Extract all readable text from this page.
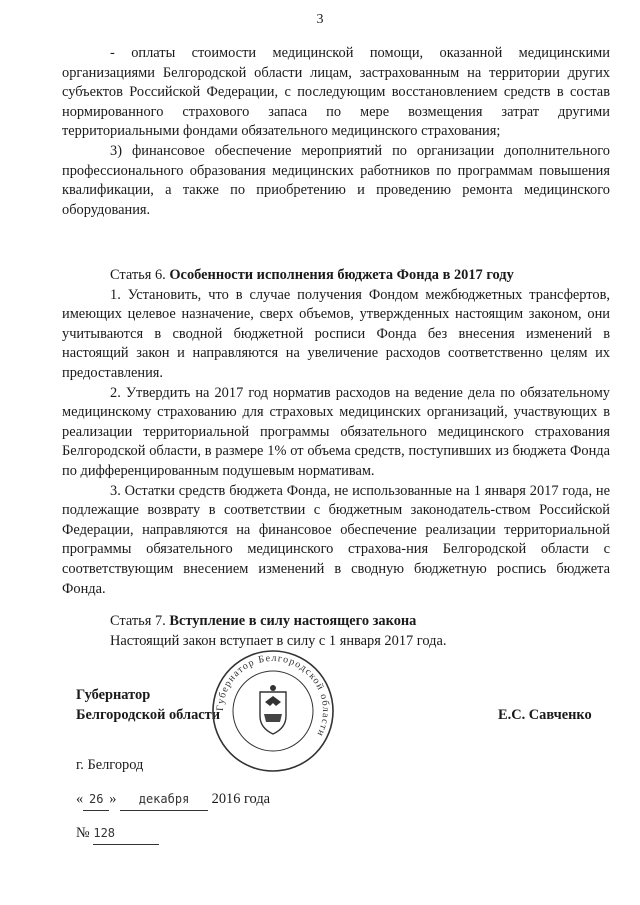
3

- оплаты стоимости медицинской помощи, оказанной медицинскими организациями Белгородской области лицам, застрахованным на территории других субъектов Российской Федерации, с последующим восстановлением средств в состав нормированного страхового запаса по мере возмещения затрат другими территориальными фондами обязательного медицинского страхования;

3) финансовое обеспечение мероприятий по организации дополнительного профессионального образования медицинских работников по программам повышения квалификации, а также по приобретению и проведению ремонта медицинского оборудования.

Статья 6. Особенности исполнения бюджета Фонда в 2017 году

1. Установить, что в случае получения Фондом межбюджетных трансфертов, имеющих целевое назначение, сверх объемов, утвержденных настоящим законом, они учитываются в сводной бюджетной росписи Фонда без внесения изменений в настоящий закон и направляются на увеличение расходов соответственно целям их предоставления.

2. Утвердить на 2017 год норматив расходов на ведение дела по обязательному медицинскому страхованию для страховых медицинских организаций, участвующих в реализации территориальной программы обязательного медицинского страхования Белгородской области, в размере 1% от объема средств, поступивших из бюджета Фонда по дифференцированным подушевым нормативам.

3. Остатки средств бюджета Фонда, не использованные на 1 января 2017 года, не подлежащие возврату в соответствии с бюджетным законодатель-ством Российской Федерации, направляются на финансовое обеспечение реализации территориальной программы обязательного медицинского страхова-ния Белгородской области с соответствующим внесением изменений в сводную бюджетную роспись бюджета Фонда.

Статья 7. Вступление в силу настоящего закона

Настоящий закон вступает в силу с 1 января 2017 года.

Губернатор
Белгородской области
Губернатор Белгородской области
Е.С. Савченко
г. Белгород
« 26 » декабря 2016 года
№ 128
